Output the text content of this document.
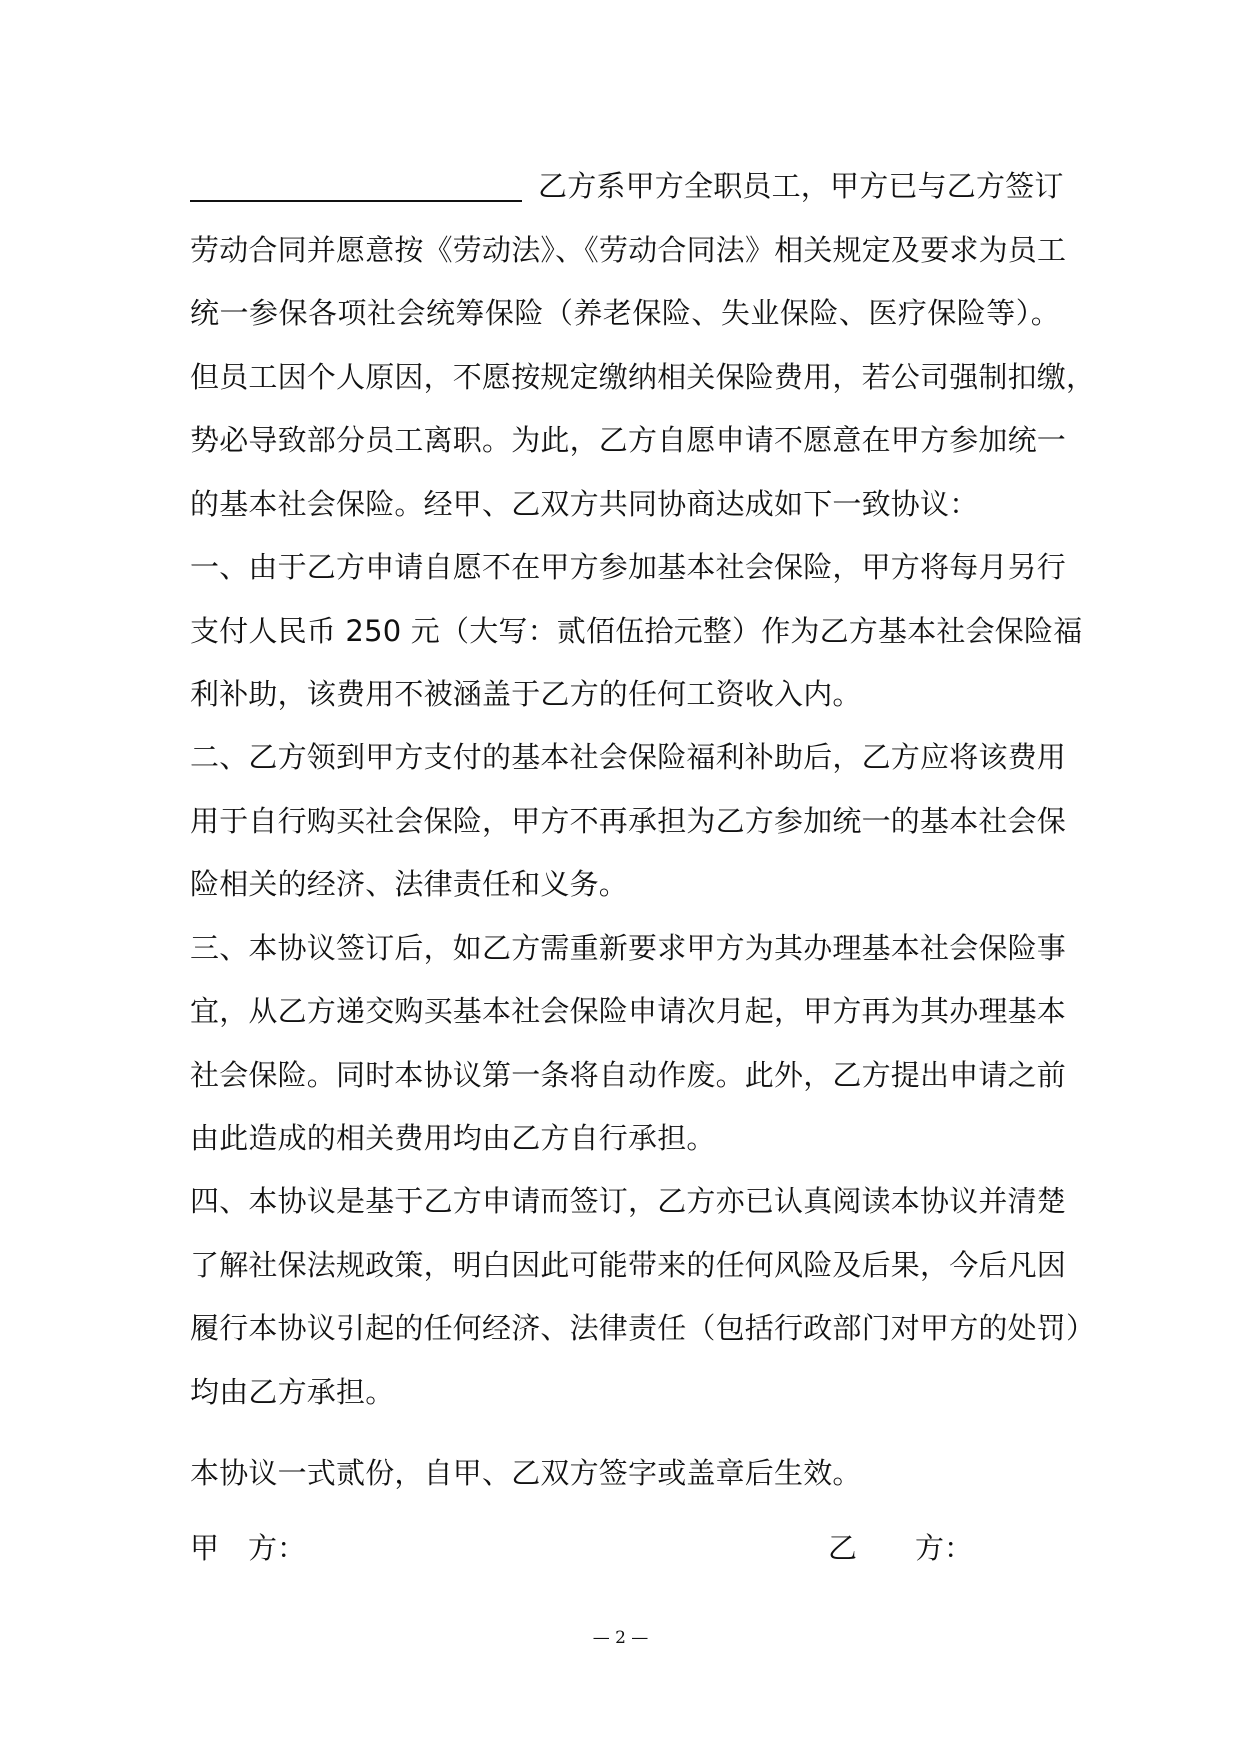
乙方系甲方全职员工，甲方已与乙方签订
劳动合同并愿意按《劳动法》、《劳动合同法》相关规定及要求为员工
统一参保各项社会统筹保险（养老保险、失业保险、医疗保险等）。
但员工因个人原因，不愿按规定缴纳相关保险费用，若公司强制扣缴，
势必导致部分员工离职。为此，乙方自愿申请不愿意在甲方参加统一
的基本社会保险。经甲、乙双方共同协商达成如下一致协议：
一、由于乙方申请自愿不在甲方参加基本社会保险，甲方将每月另行
支付人民币 250 元（大写：贰佰伍拾元整）作为乙方基本社会保险福
利补助，该费用不被涵盖于乙方的任何工资收入内。
二、乙方领到甲方支付的基本社会保险福利补助后，乙方应将该费用
用于自行购买社会保险，甲方不再承担为乙方参加统一的基本社会保
险相关的经济、法律责任和义务。
三、本协议签订后，如乙方需重新要求甲方为其办理基本社会保险事
宜，从乙方递交购买基本社会保险申请次月起，甲方再为其办理基本
社会保险。同时本协议第一条将自动作废。此外，乙方提出申请之前
由此造成的相关费用均由乙方自行承担。
四、本协议是基于乙方申请而签订，乙方亦已认真阅读本协议并清楚
了解社保法规政策，明白因此可能带来的任何风险及后果，今后凡因
履行本协议引起的任何经济、法律责任（包括行政部门对甲方的处罚）
均由乙方承担。
本协议一式贰份，自甲、乙双方签字或盖章后生效。
甲　方：	乙　　方：
— 2 —
